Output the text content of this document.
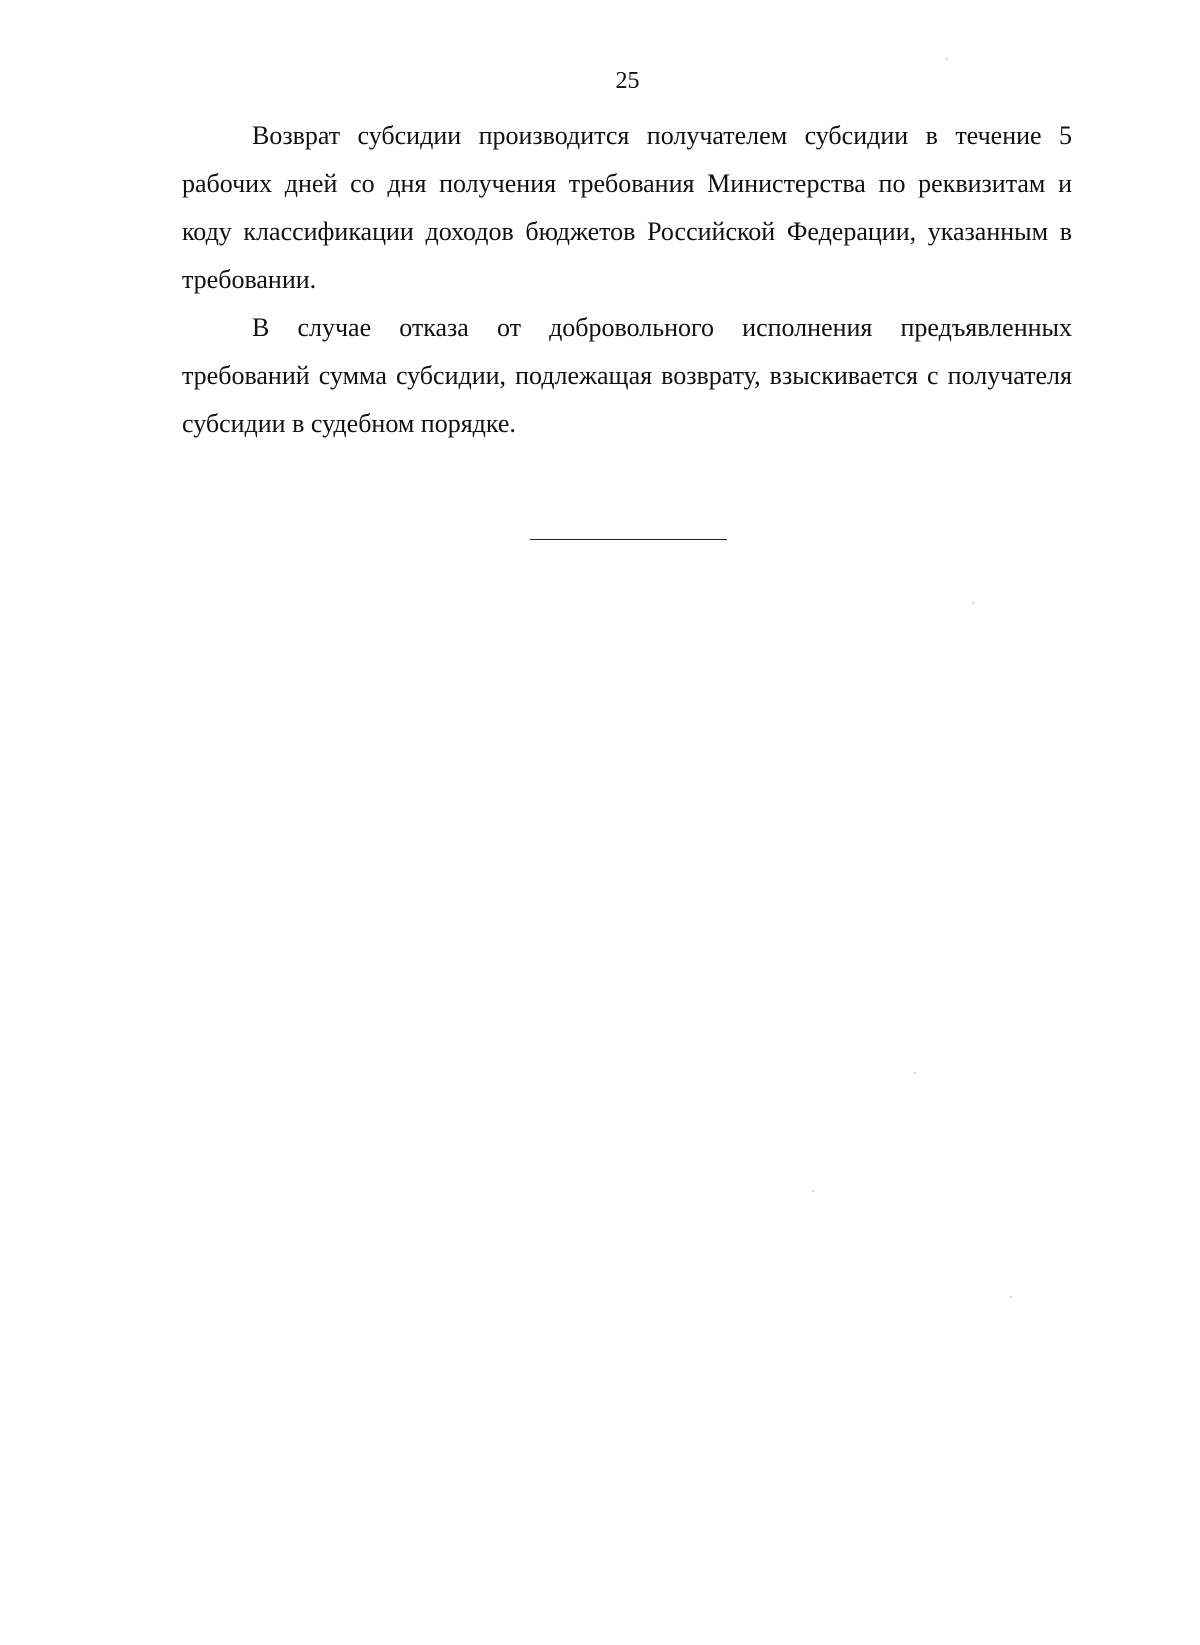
25

Возврат субсидии производится получателем субсидии в течение 5 рабочих дней со дня получения требования Министерства по реквизитам и коду классификации доходов бюджетов Российской Федерации, указанным в требовании.

В случае отказа от добровольного исполнения предъявленных требований сумма субсидии, подлежащая возврату, взыскивается с получателя субсидии в судебном порядке.
